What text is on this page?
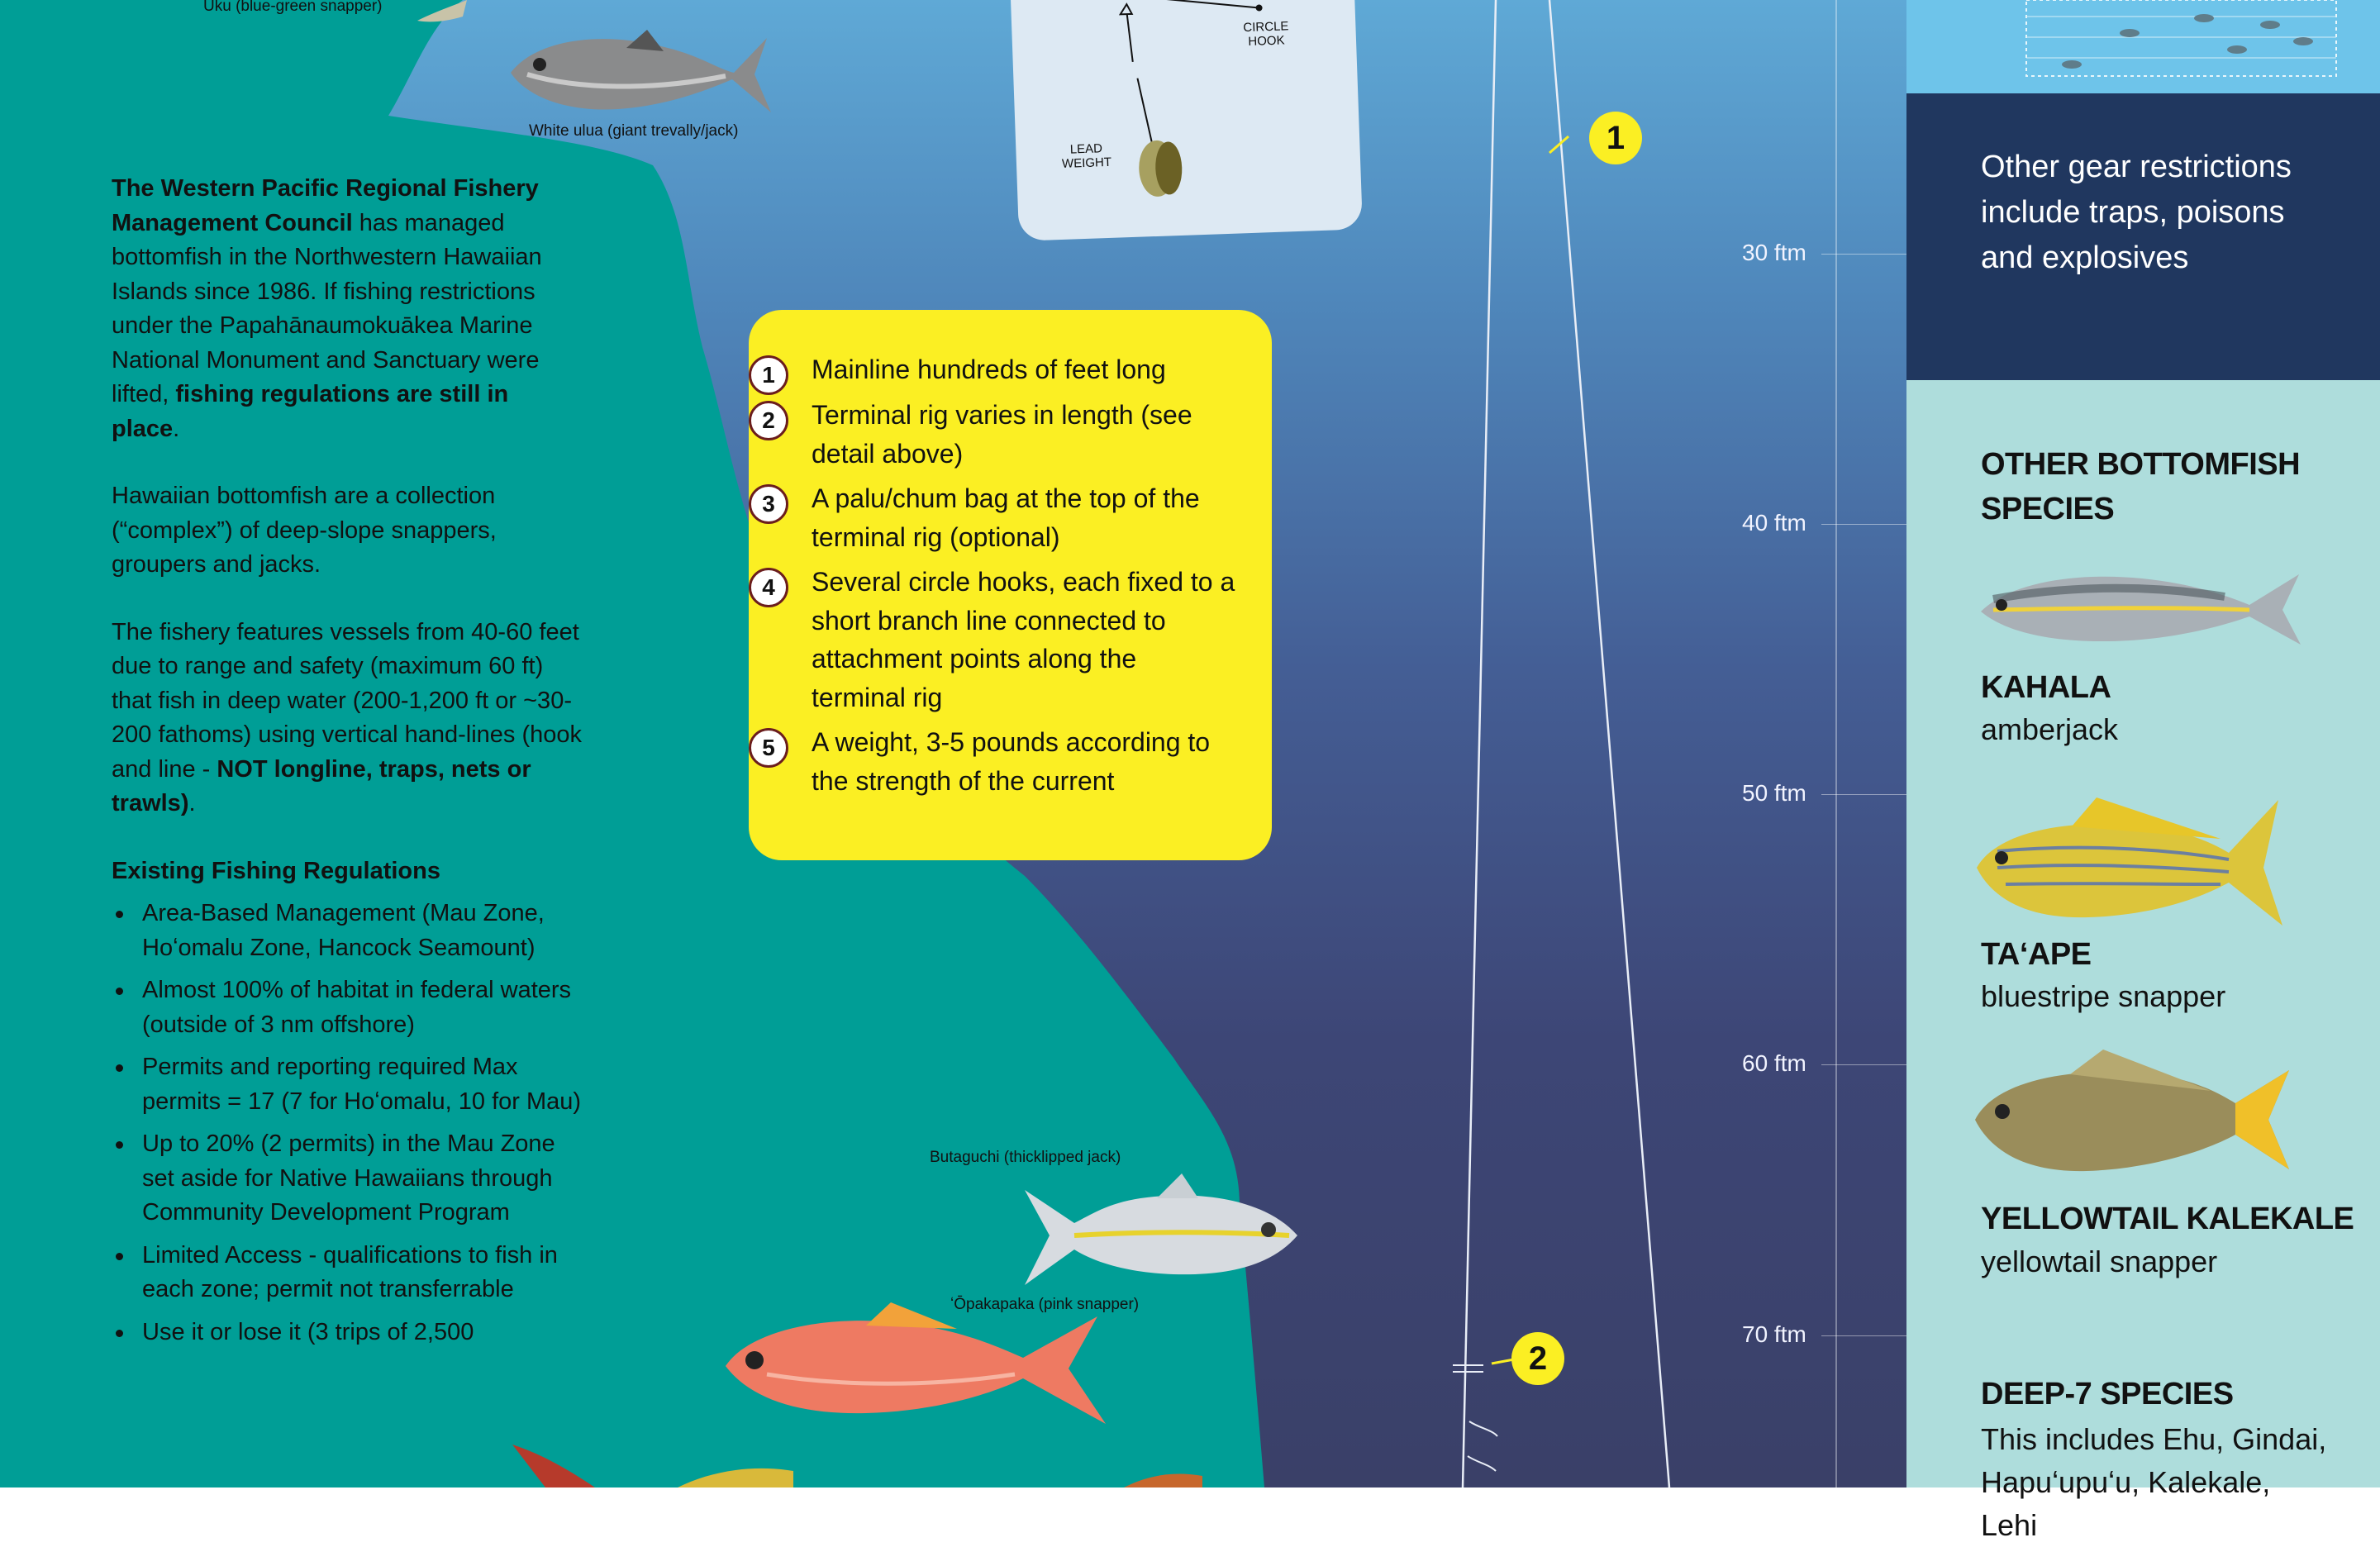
Uku (blue-green snapper)
White ulua (giant trevally/jack)
CIRCLE
HOOK
LEAD
WEIGHT

The Western Pacific Regional Fishery Management Council has managed bottomfish in the Northwestern Hawaiian Islands since 1986. If fishing restrictions under the Papahānaumokuākea Marine National Monument and Sanctuary were lifted, fishing regulations are still in place.

Hawaiian bottomfish are a collection (“complex”) of deep-slope snappers, groupers and jacks.

The fishery features vessels from 40-60 feet due to range and safety (maximum 60 ft) that fish in deep water (200-1,200 ft or ~30-200 fathoms) using vertical hand-lines (hook and line - NOT longline, traps, nets or trawls).

Existing Fishing Regulations
Area-Based Management (Mau Zone, Hoʻomalu Zone, Hancock Seamount)
Almost 100% of habitat in federal waters (outside of 3 nm offshore)
Permits and reporting required Max permits = 17 (7 for Hoʻomalu, 10 for Mau)
Up to 20% (2 permits) in the Mau Zone set aside for Native Hawaiians through Community Development Program
Limited Access - qualifications to fish in each zone; permit not transferrable
Use it or lose it (3 trips of 2,500
1	Mainline hundreds of feet long
2	Terminal rig varies in length (see detail above)
3	A palu/chum bag at the top of the terminal rig (optional)
4	Several circle hooks, each fixed to a short branch line connected to attachment points along the terminal rig
5	A weight, 3-5 pounds according to the strength of the current
Butaguchi (thicklipped jack)
ʻŌpakapaka (pink snapper)
1
2
30 ftm
40 ftm
50 ftm
60 ftm
70 ftm
Other gear restrictions include traps, poisons and explosives
OTHER BOTTOMFISH SPECIES
KAHALA
amberjack
TAʻAPE
bluestripe snapper
YELLOWTAIL KALEKALE
yellowtail snapper
DEEP-7 SPECIES
This includes Ehu, Gindai, Hapuʻupuʻu, Kalekale, Lehi
